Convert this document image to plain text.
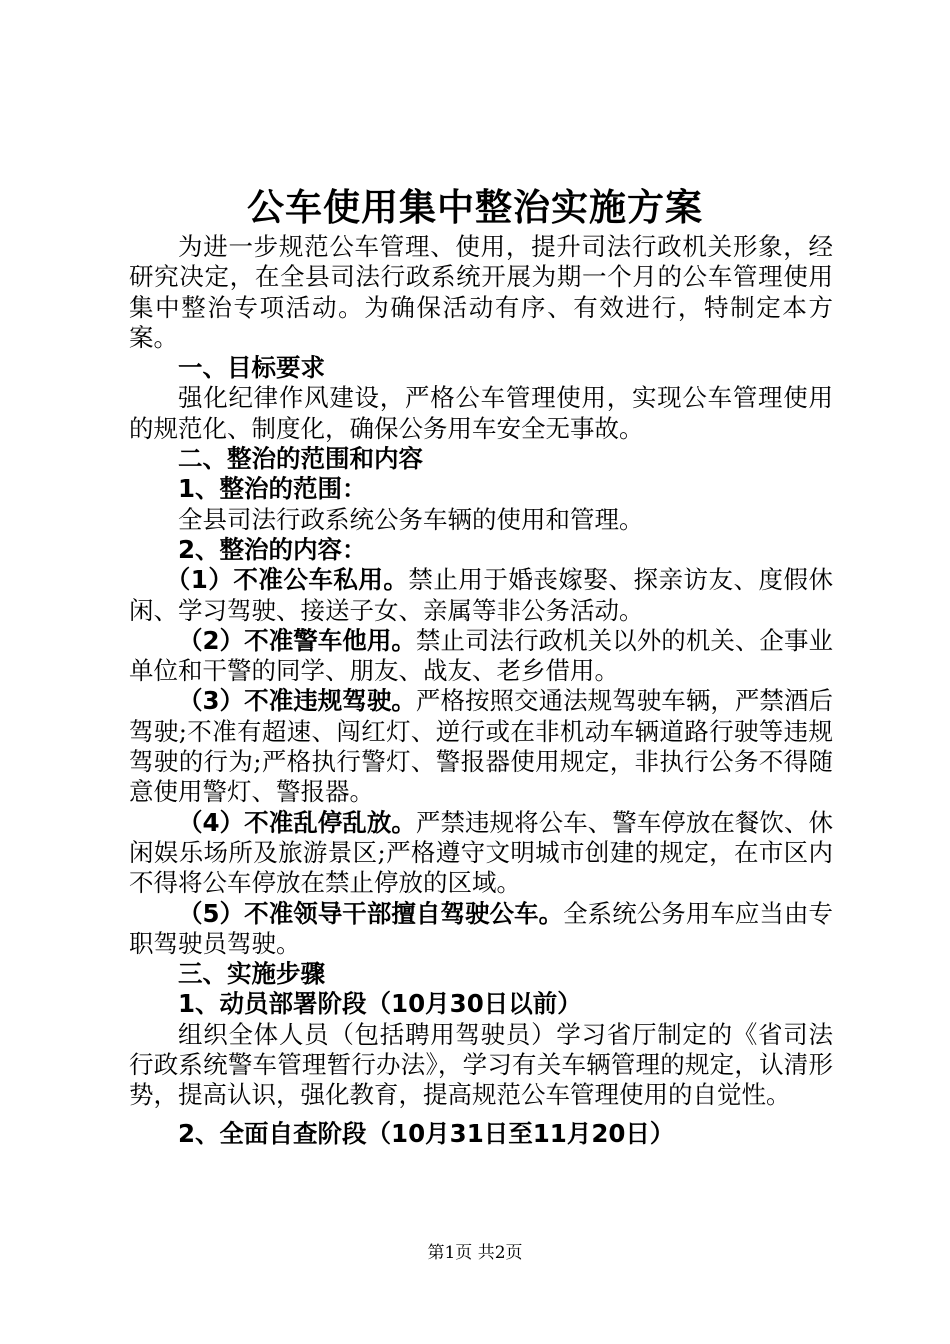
公车使用集中整治实施方案

为进一步规范公车管理、使用，提升司法行政机关形象，经研究决定，在全县司法行政系统开展为期一个月的公车管理使用集中整治专项活动。为确保活动有序、有效进行，特制定本方案。

一、目标要求

强化纪律作风建设，严格公车管理使用，实现公车管理使用的规范化、制度化，确保公务用车安全无事故。

二、整治的范围和内容

1、整治的范围：

全县司法行政系统公务车辆的使用和管理。

2、整治的内容：

（1）不准公车私用。禁止用于婚丧嫁娶、探亲访友、度假休闲、学习驾驶、接送子女、亲属等非公务活动。

（2）不准警车他用。禁止司法行政机关以外的机关、企事业单位和干警的同学、朋友、战友、老乡借用。

（3）不准违规驾驶。严格按照交通法规驾驶车辆，严禁酒后驾驶;不准有超速、闯红灯、逆行或在非机动车辆道路行驶等违规驾驶的行为;严格执行警灯、警报器使用规定，非执行公务不得随意使用警灯、警报器。

（4）不准乱停乱放。严禁违规将公车、警车停放在餐饮、休闲娱乐场所及旅游景区;严格遵守文明城市创建的规定，在市区内不得将公车停放在禁止停放的区域。

（5）不准领导干部擅自驾驶公车。全系统公务用车应当由专职驾驶员驾驶。

三、实施步骤

1、动员部署阶段（10月30日以前）

组织全体人员（包括聘用驾驶员）学习省厅制定的《省司法行政系统警车管理暂行办法》，学习有关车辆管理的规定，认清形势，提高认识，强化教育，提高规范公车管理使用的自觉性。

2、全面自查阶段（10月31日至11月20日）

第1页 共2页
